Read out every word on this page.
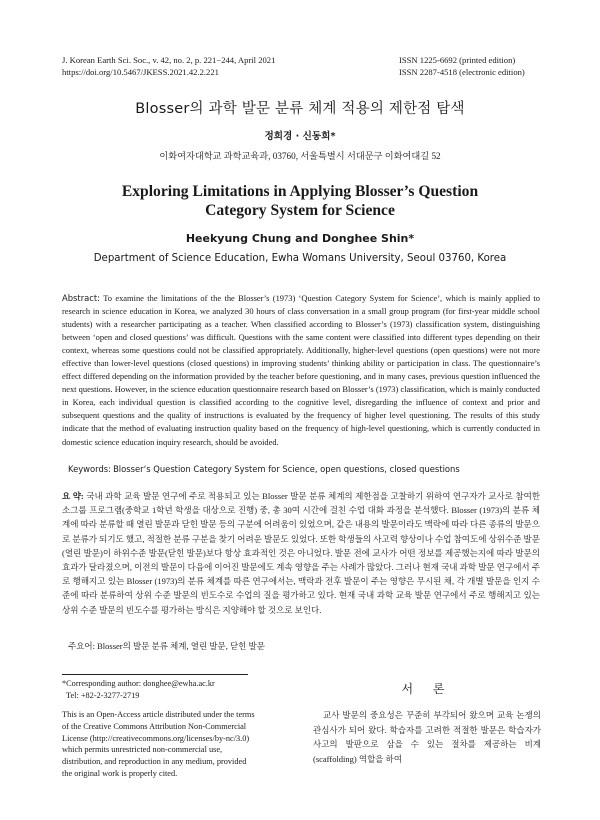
J. Korean Earth Sci. Soc., v. 42, no. 2, p. 221−244, April 2021
https://doi.org/10.5467/JKESS.2021.42.2.221
ISSN 1225-6692 (printed edition)
ISSN 2287-4518 (electronic edition)
Blosser의 과학 발문 분류 체계 적용의 제한점 탐색
정희경 · 신동희*
이화여자대학교 과학교육과, 03760, 서울특별시 서대문구 이화여대길 52
Exploring Limitations in Applying Blosser’s Question
Category System for Science
Heekyung Chung and Donghee Shin*
Department of Science Education, Ewha Womans University, Seoul 03760, Korea
Abstract: To examine the limitations of the the Blosser’s (1973) ‘Question Category System for Science’, which is mainly applied to research in science education in Korea, we analyzed 30 hours of class conversation in a small group program (for first-year middle school students) with a researcher participating as a teacher. When classified according to Blosser’s (1973) classification system, distinguishing between ‘open and closed questions’ was difficult. Questions with the same content were classified into different types depending on their context, whereas some questions could not be classified appropriately. Additionally, higher-level questions (open questions) were not more effective than lower-level questions (closed questions) in improving students’ thinking ability or participation in class. The questionnaire’s effect differed depending on the information provided by the teacher before questioning, and in many cases, previous question influenced the next questions. However, in the science education questionnaire research based on Blosser’s (1973) classification, which is mainly conducted in Korea, each individual question is classified according to the cognitive level, disregarding the influence of context and prior and subsequent questions and the quality of instructions is evaluated by the frequency of higher level questioning. The results of this study indicate that the method of evaluating instruction quality based on the frequency of high-level questioning, which is currently conducted in domestic science education inquiry research, should be avoided.
Keywords: Blosser‘s Question Category System for Science, open questions, closed questions
요 약: 국내 과학 교육 발문 연구에 주로 적용되고 있는 Blosser 발문 분류 체계의 제한점을 고찰하기 위하여 연구자가 교사로 참여한 소그룹 프로그램(중학교 1학년 학생을 대상으로 진행) 중, 총 30여 시간에 걸친 수업 대화 과정을 분석했다. Blosser (1973)의 분류 체계에 따라 분류할 때 열린 발문과 닫힌 발문 등의 구분에 어려움이 있었으며, 같은 내용의 발문이라도 맥락에 따라 다른 종류의 발문으로 분류가 되기도 했고, 적절한 분류 구분을 찾기 어려운 발문도 있었다. 또한 학생들의 사고력 향상이나 수업 참여도에 상위수준 발문(열린 발문)이 하위수준 발문(닫힌 발문)보다 항상 효과적인 것은 아니었다. 발문 전에 교사가 어떤 정보를 제공했는지에 따라 발문의 효과가 달라졌으며, 이전의 발문이 다음에 이어진 발문에도 계속 영향을 주는 사례가 많았다. 그러나 현재 국내 과학 발문 연구에서 주로 행해지고 있는 Blosser (1973)의 분류 체계를 따른 연구에서는, 맥락과 전후 발문이 주는 영향은 무시된 채, 각 개별 발문을 인지 수준에 따라 분류하여 상위 수준 발문의 빈도수로 수업의 질을 평가하고 있다. 현재 국내 과학 교육 발문 연구에서 주로 행해지고 있는 상위 수준 발문의 빈도수를 평가하는 방식은 지양해야 할 것으로 보인다.
주요어: Blosser의 발문 분류 체계, 열린 발문, 닫힌 발문
*Corresponding author: donghee@ewha.ac.kr
Tel: +82-2-3277-2719
This is an Open-Access article distributed under the terms of the Creative Commons Attribution Non-Commercial License (http://creativecommons.org/licenses/by-nc/3.0) which permits unrestricted non-commercial use, distribution, and reproduction in any medium, provided the original work is properly cited.
서 론
교사 발문의 중요성은 꾸준히 부각되어 왔으며 교육 논쟁의 관심사가 되어 왔다. 학습자를 고려한 적절한 발문은 학습자가 사고의 발판으로 삼을 수 있는 절차를 제공하는 비계(scaffolding) 역할을 하여
